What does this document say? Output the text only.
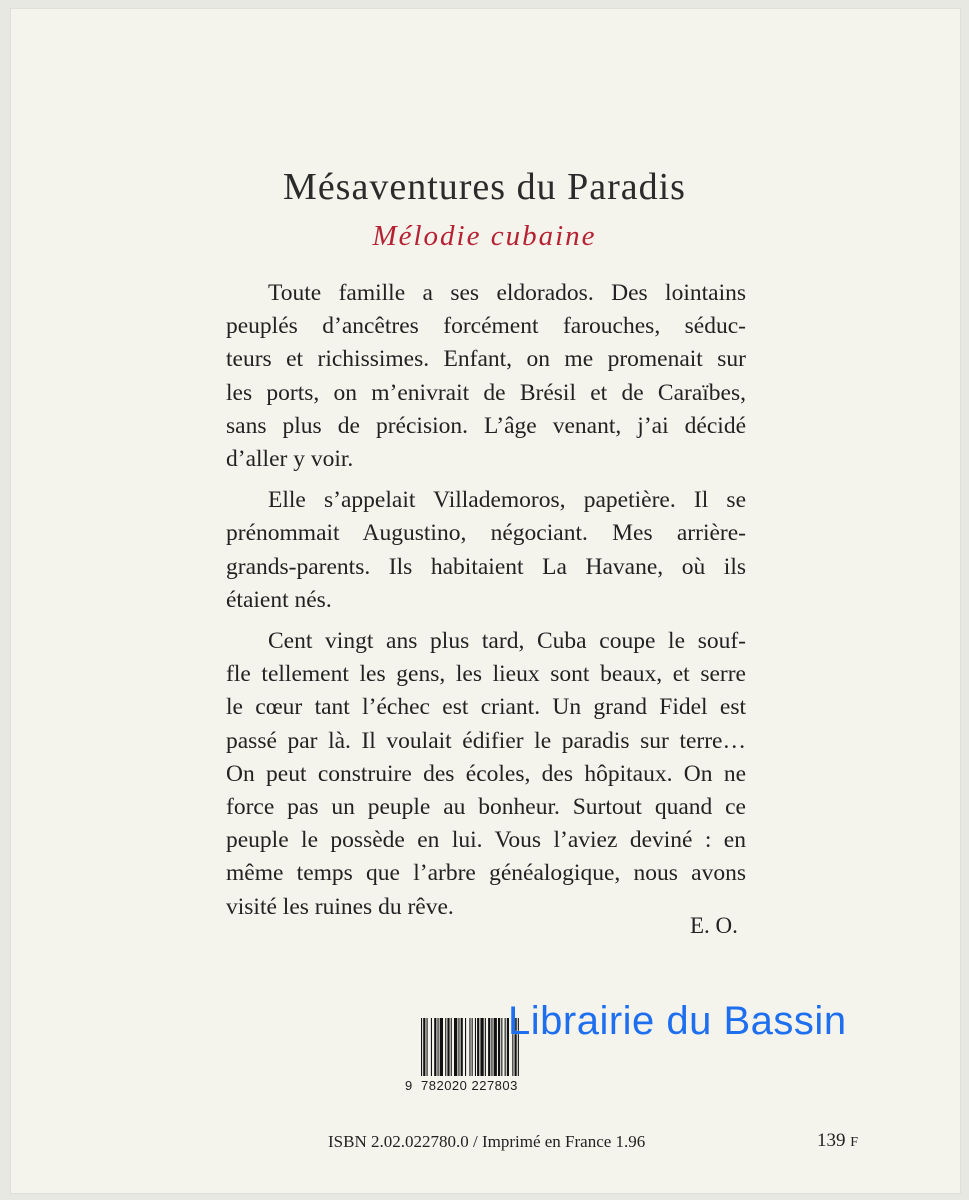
Mésaventures du Paradis
Mélodie cubaine
Toute famille a ses eldorados. Des lointains
peuplés d’ancêtres forcément farouches, séduc-
teurs et richissimes. Enfant, on me promenait sur
les ports, on m’enivrait de Brésil et de Caraïbes,
sans plus de précision. L’âge venant, j’ai décidé
d’aller y voir.
Elle s’appelait Villademoros, papetière. Il se
prénommait Augustino, négociant. Mes arrière-
grands-parents. Ils habitaient La Havane, où ils
étaient nés.
Cent vingt ans plus tard, Cuba coupe le souf-
fle tellement les gens, les lieux sont beaux, et serre
le cœur tant l’échec est criant. Un grand Fidel est
passé par là. Il voulait édifier le paradis sur terre…
On peut construire des écoles, des hôpitaux. On ne
force pas un peuple au bonheur. Surtout quand ce
peuple le possède en lui. Vous l’aviez deviné : en
même temps que l’arbre généalogique, nous avons
visité les ruines du rêve.
E. O.
9 782020 227803
Librairie du Bassin
ISBN 2.02.022780.0 / Imprimé en France 1.96	139 F
